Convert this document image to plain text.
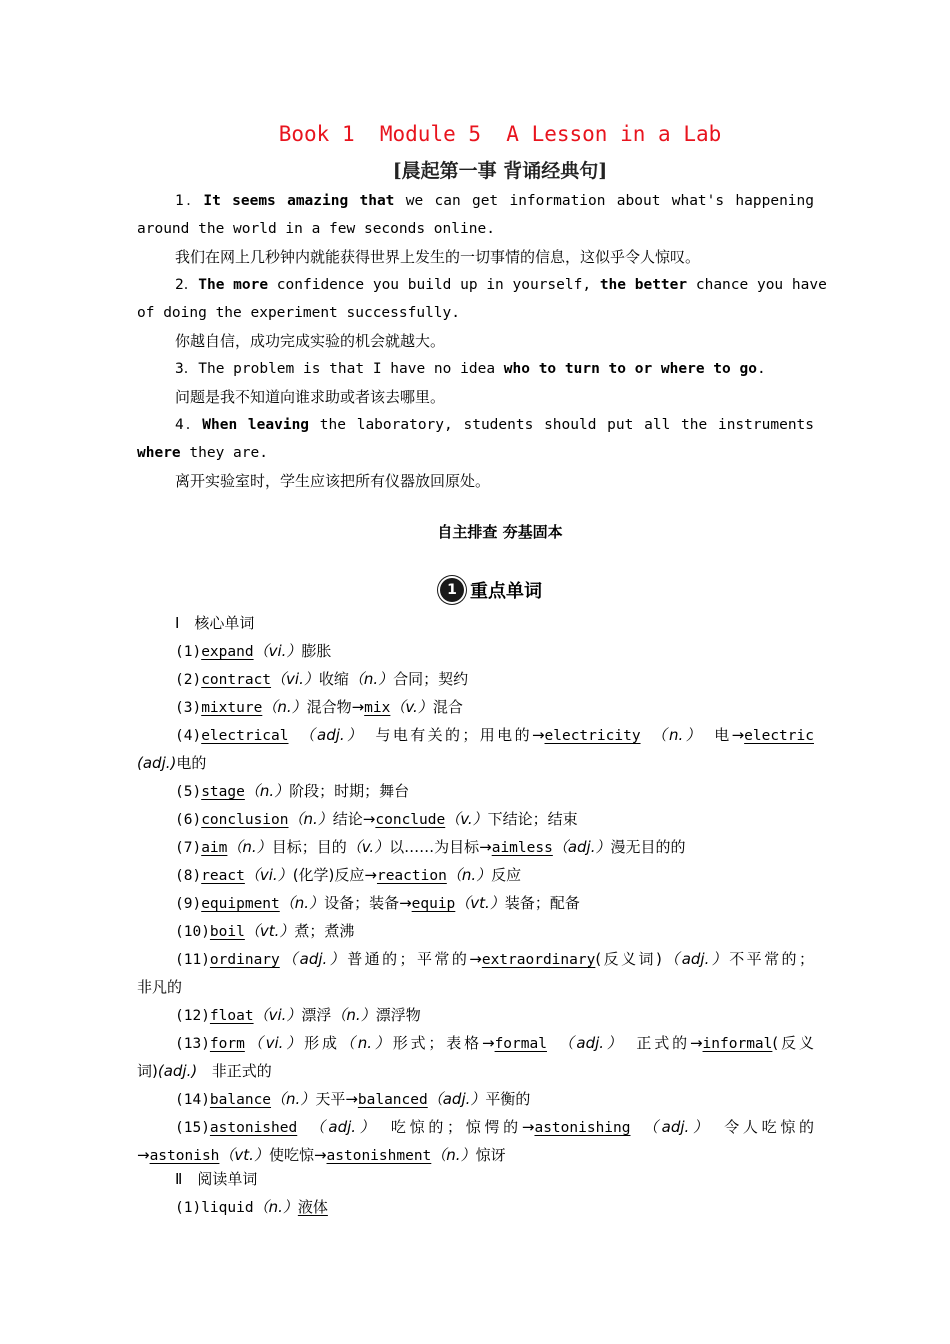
Book 1  Module 5  A Lesson in a Lab
[晨起第一事 背诵经典句]
1．It seems amazing that we can get information about what's happening
around the world in a few seconds online.
我们在网上几秒钟内就能获得世界上发生的一切事情的信息，这似乎令人惊叹。
2．The more confidence you build up in yourself, the better chance you have
of doing the experiment successfully.
你越自信，成功完成实验的机会就越大。
3．The problem is that I have no idea who to turn to or where to go.
问题是我不知道向谁求助或者该去哪里。
4．When leaving the laboratory, students should put all the instruments
where they are.
离开实验室时，学生应该把所有仪器放回原处。
自主排查 夯基固本
1 重点单词
Ⅰ　核心单词
(1)expand（vi.）膨胀
(2)contract（vi.）收缩（n.）合同；契约
(3)mixture（n.）混合物→mix（v.）混合
(4)electrical （adj.） 与电有关的；用电的→electricity （n.） 电→electric
(adj.)电的
(5)stage（n.）阶段；时期；舞台
(6)conclusion（n.）结论→conclude（v.）下结论；结束
(7)aim（n.）目标；目的（v.）以……为目标→aimless（adj.）漫无目的的
(8)react（vi.）(化学)反应→reaction（n.）反应
(9)equipment（n.）设备；装备→equip（vt.）装备；配备
(10)boil（vt.）煮；煮沸
(11)ordinary（adj.）普通的；平常的→extraordinary(反义词)（adj.）不平常的；
非凡的
(12)float（vi.）漂浮（n.）漂浮物
(13)form（vi.）形成（n.）形式；表格→formal （adj.） 正式的→informal(反义
词)(adj.)　 非正式的
(14)balance（n.）天平→balanced（adj.）平衡的
(15)astonished （adj.） 吃惊的；惊愕的→astonishing （adj.） 令人吃惊的
→astonish（vt.）使吃惊→astonishment（n.）惊讶
Ⅱ　阅读单词
(1)liquid（n.）液体
